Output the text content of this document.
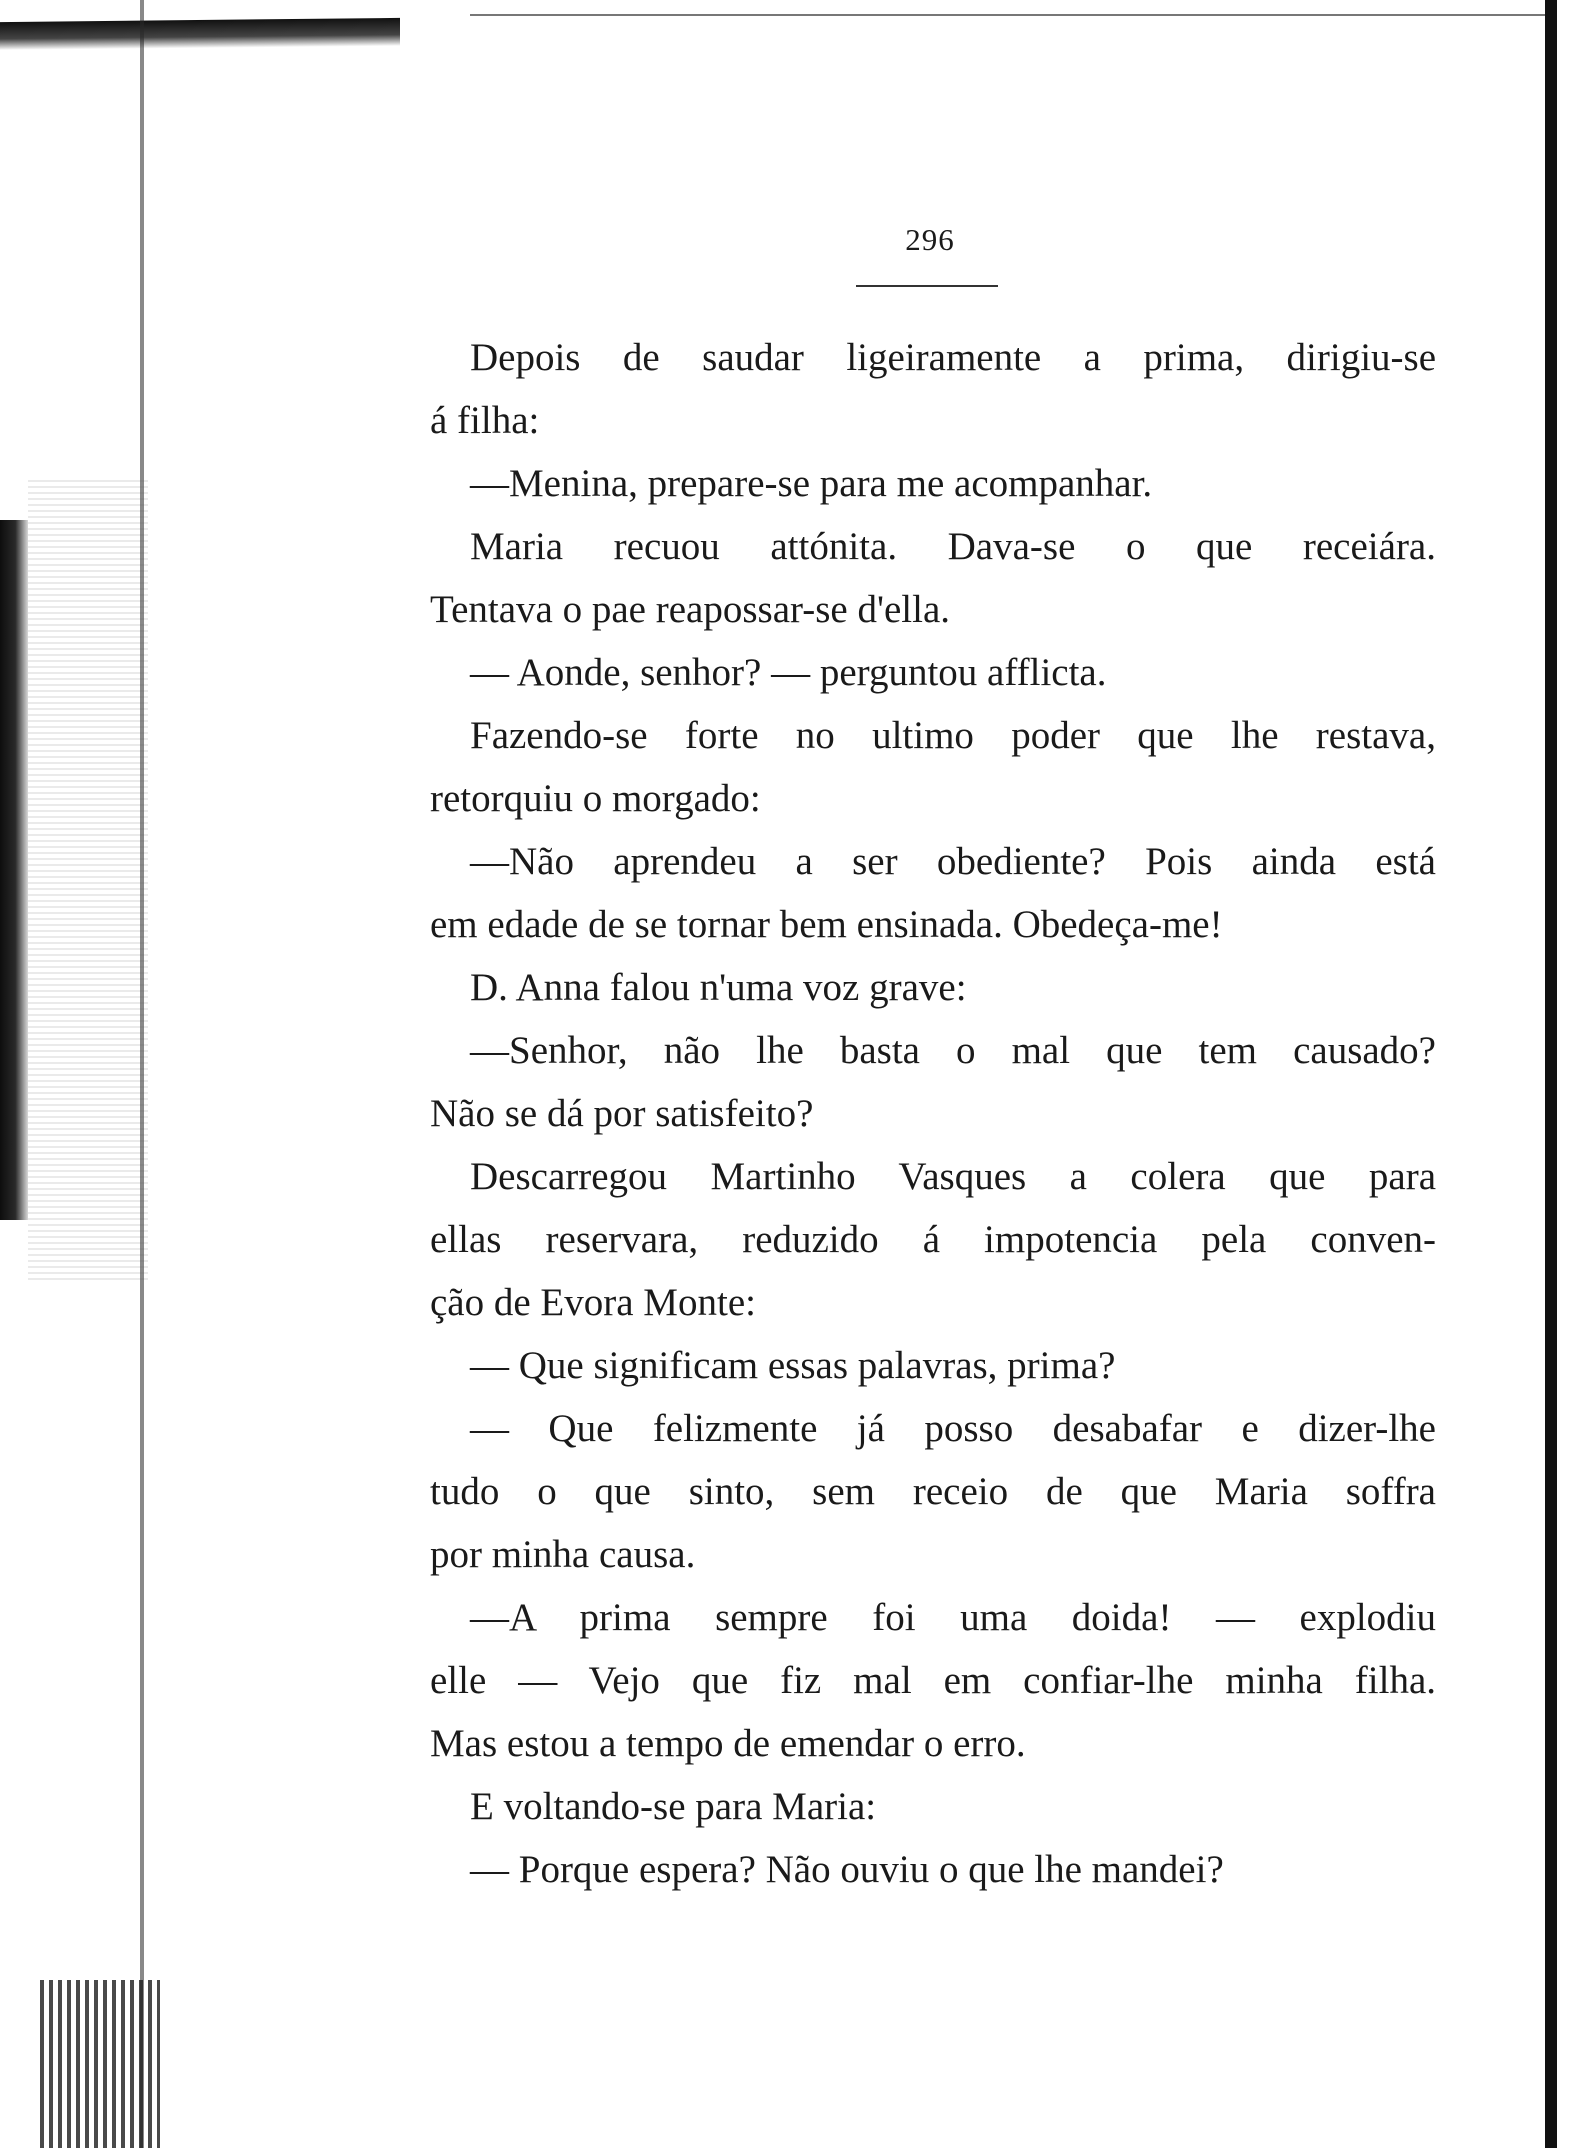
296
Depois de saudar ligeiramente a prima, dirigiu-se
á filha:
—Menina, prepare-se para me acompanhar.
Maria recuou attónita. Dava-se o que receiára.
Tentava o pae reapossar-se d'ella.
— Aonde, senhor? — perguntou afflicta.
Fazendo-se forte no ultimo poder que lhe restava,
retorquiu o morgado:
—Não aprendeu a ser obediente? Pois ainda está
em edade de se tornar bem ensinada. Obedeça-me!
D. Anna falou n'uma voz grave:
—Senhor, não lhe basta o mal que tem causado?
Não se dá por satisfeito?
Descarregou Martinho Vasques a colera que para
ellas reservara, reduzido á impotencia pela conven-
ção de Evora Monte:
— Que significam essas palavras, prima?
— Que felizmente já posso desabafar e dizer-lhe
tudo o que sinto, sem receio de que Maria soffra
por minha causa.
—A prima sempre foi uma doida! — explodiu
elle — Vejo que fiz mal em confiar-lhe minha filha.
Mas estou a tempo de emendar o erro.
E voltando-se para Maria:
— Porque espera? Não ouviu o que lhe mandei?
